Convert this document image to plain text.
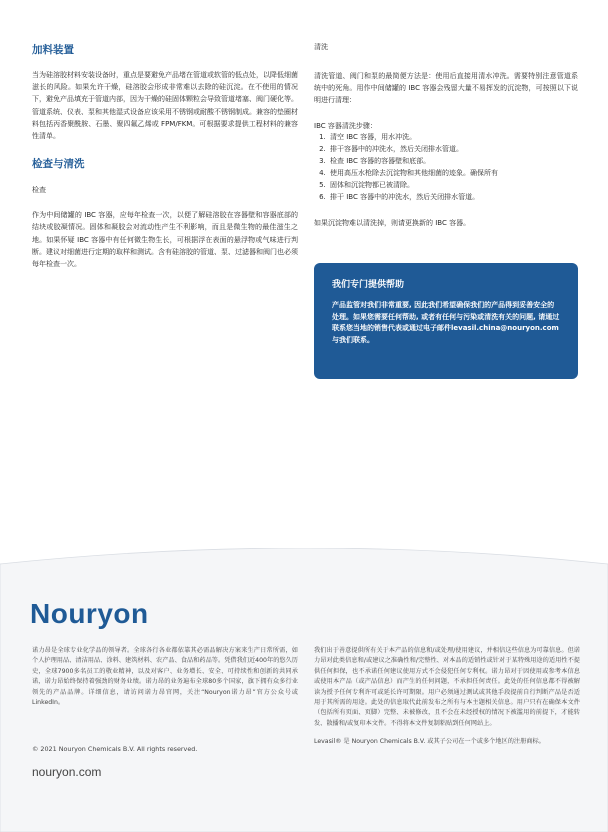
加料装置

当为硅溶胶材料安装设备时，重点是要避免产品堵在管道或软管的低点处，以降低细菌滋长的风险。如果允许干燥，硅溶胶会形成非常难以去除的硅沉淀。在不使用的情况下，避免产品填充于管道内部，因为干燥的硅固体颗粒会导致管道堵塞、阀门硬化等。管道系统、仪表、泵和其他湿式设备应该采用不锈钢或耐酸不锈钢制成。兼容的垫圈材料包括丙香聚酰胺、石墨、聚四氟乙烯或 FPM/FKM。可根据要求提供工程材料的兼容性清单。

检查与清洗

检查

作为中间储罐的 IBC 容器，应每年检查一次，以便了解硅溶胶在容器壁和容器底部的结块或胶凝情况。固体和凝胶会对流动性产生不利影响，而且是微生物的最佳滋生之地。如果怀疑 IBC 容器中有任何微生物生长，可根据浮在表面的悬浮物或气味进行判断。建议对细菌进行定期的取样和测试。含有硅溶胶的管道、泵、过滤器和阀门也必须每年检查一次。

清洗

清洗管道、阀门和泵的最简便方法是：使用后直接用清水冲洗。需要特别注意管道系统中的死角。用作中间储罐的 IBC 容器会残留大量不易挥发的沉淀物，可按照以下说明进行清理：

IBC 容器清洗步骤：

1. 清空 IBC 容器，用水冲洗。
2. 排干容器中的冲洗水，然后关闭排水管道。
3. 检查 IBC 容器的容器壁和底部。
4. 使用高压水枪除去沉淀物和其他细菌的迹象。确保所有
5. 固体和沉淀物都已被清除。
6. 排干 IBC 容器中的冲洗水，然后关闭排水管道。

如果沉淀物难以清洗掉，则请更换新的 IBC 容器。

我们专门提供帮助

产品监管对我们非常重要, 因此我们希望确保我们的产品得到妥善安全的处理。如果您需要任何帮助, 或者有任何与污染或清洗有关的问题, 请通过联系您当地的销售代表或通过电子邮件levasil.china@nouryon.com 与我们联系。

Nouryon

诺力昂是全球专业化学品的领导者。全球各行各业都依靠其必需品解决方案来生产日常所需，如个人护理用品、清洁用品、涂料、建筑材料、农产品、食品和药品等。凭借我们近400年的悠久历史，全球7900多名员工的敬业精神，以及对客户、业务增长、安全、可持续性和创新的共同承诺，诺力昂始终保持着强劲的财务业绩。诺力昂的业务遍布全球80多个国家，旗下拥有众多行业领先的产品品牌。详细信息，请访问诺力昂官网，关注“Nouryon诺力昂”官方公众号或LinkedIn。

© 2021 Nouryon Chemicals B.V. All rights reserved.
nouryon.com

我们出于善意提供所有关于本产品的信息和/或处理/使用建议，并相信这些信息为可靠信息。但诺力昂对此类信息和/或建议之准确性和/完整性、对本品的适销性或针对于某特殊用途的适用性不提供任何担保，也不承诺任何建议使用方式不会侵犯任何专利权。诺力昂对于因使用或参考本信息或使用本产品（或产品信息）而产生的任何问题，不承担任何责任。此处的任何信息都不得被解读为授予任何专利许可或延长许可期限。用户必须通过测试或其他手段提前自行判断产品是否适用于其所需的用途。此处的信息取代此前发布之所有与本主题相关信息。用户只有在确保本文件（包括所有页面、页脚）完整、未被修改，且不会在未经授权的情况下被滥用的前提下，才能转发、散播和/或复印本文件。不得将本文件复制粘贴到任何网站上。

Levasil® 是 Nouryon Chemicals B.V. 或其子公司在一个或多个地区的注册商标。
